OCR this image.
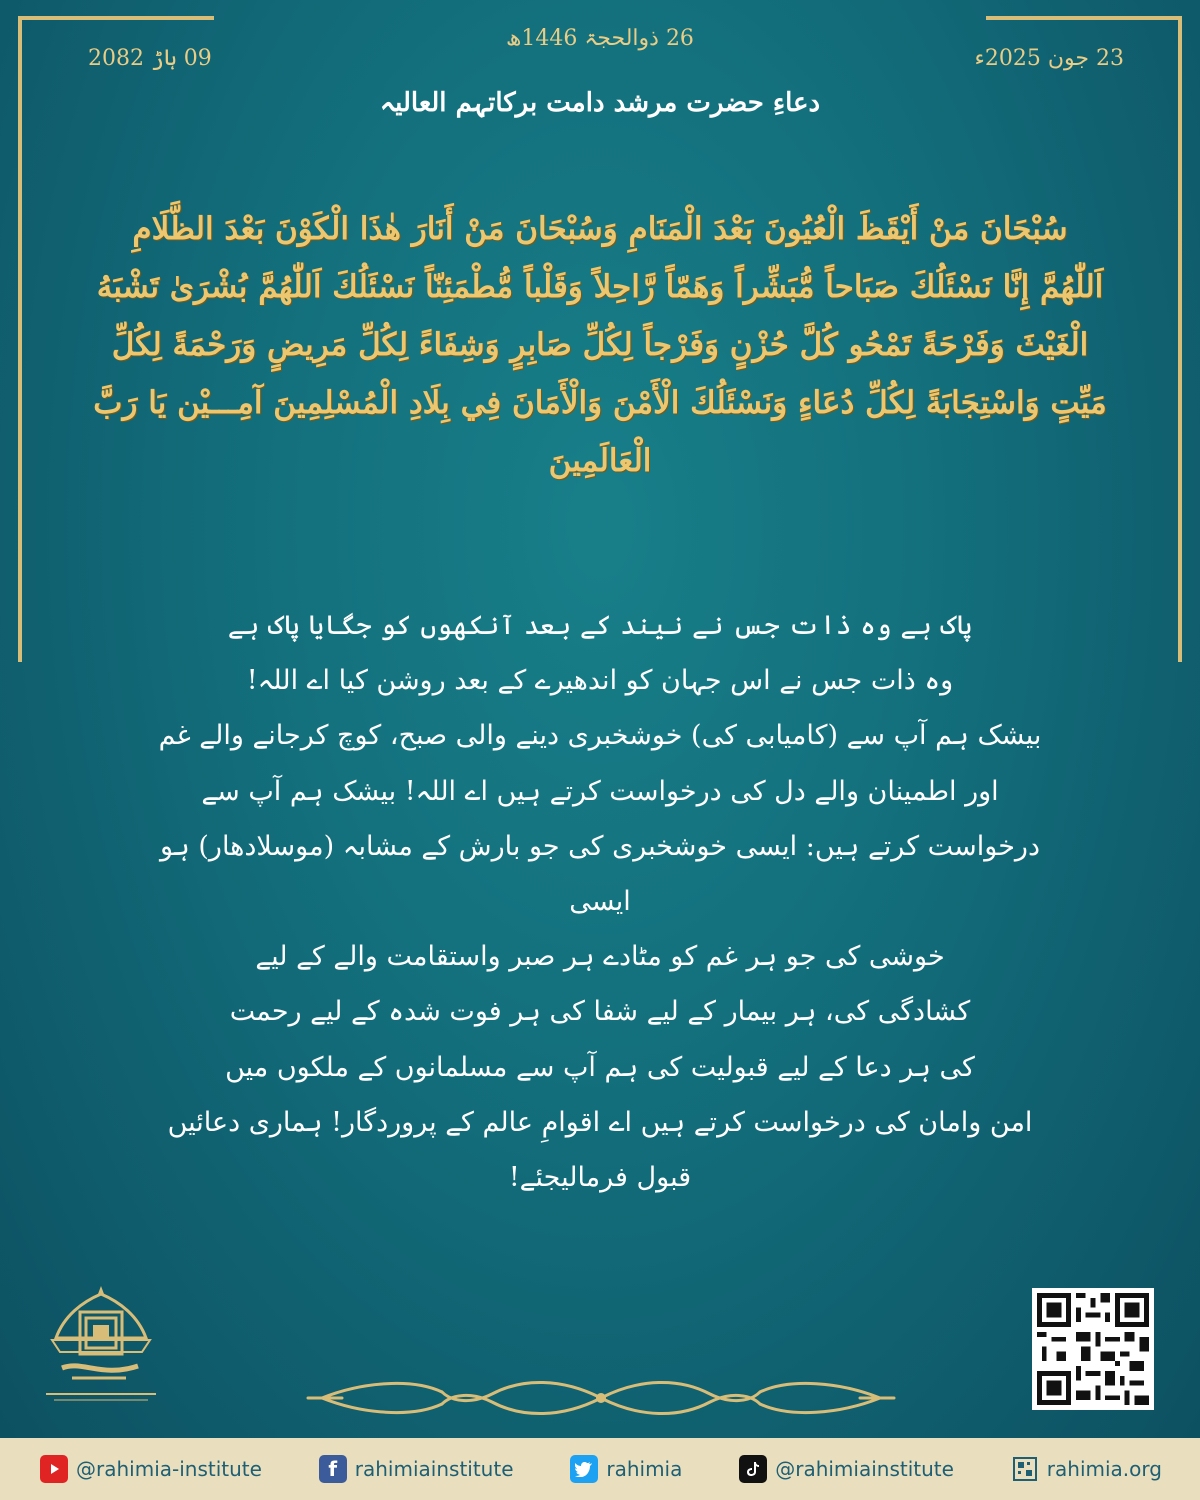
26 ذوالحجۃ 1446ھ
09 ہاڑ 2082	23 جون 2025ء
دعاءِ حضرت مرشد دامت برکاتہم العالیہ
سُبْحَانَ مَنْ أَيْقَظَ الْعُيُونَ بَعْدَ الْمَنَامِ وَسُبْحَانَ مَنْ أَنَارَ هٰذَا الْكَوْنَ بَعْدَ الظَّلَامِ
اَللّٰهُمَّ إِنَّا نَسْئَلُكَ صَبَاحاً مُّبَشِّراً وَهَمّاً رَّاحِلاً وَقَلْباً مُّطْمَئِنّاً نَسْئَلُكَ اَللّٰهُمَّ بُشْرَىٰ تَشْبَهُ
الْغَيْثَ وَفَرْحَةً تَمْحُو كُلَّ حُزْنٍ وَفَرْجاً لِكُلِّ صَابِرٍ وَشِفَاءً لِكُلِّ مَرِيضٍ وَرَحْمَةً لِكُلِّ
مَيِّتٍ وَاسْتِجَابَةً لِكُلِّ دُعَاءٍ وَنَسْئَلُكَ الْأَمْنَ وَالْأَمَانَ فِي بِلَادِ الْمُسْلِمِينَ آمِـــيْن يَا رَبَّ
الْعَالَمِينَ
پاک ہے وہ ذات جس نے نیند کے بعد آنکھوں کو جگایا پاک ہے
وہ ذات جس نے اس جہان کو اندھیرے کے بعد روشن کیا اے اللہ!
بیشک ہم آپ سے (کامیابی کی) خوشخبری دینے والی صبح، کوچ کرجانے والے غم
اور اطمینان والے دل کی درخواست کرتے ہیں اے اللہ! بیشک ہم آپ سے
درخواست کرتے ہیں: ایسی خوشخبری کی جو بارش کے مشابہ (موسلادھار) ہو ایسی
خوشی کی جو ہر غم کو مٹادے ہر صبر واستقامت والے کے لیے
کشادگی کی، ہر بیمار کے لیے شفا کی ہر فوت شدہ کے لیے رحمت
کی ہر دعا کے لیے قبولیت کی ہم آپ سے مسلمانوں کے ملکوں میں
امن وامان کی درخواست کرتے ہیں اے اقوامِ عالم کے پروردگار! ہماری دعائیں
قبول فرمالیجئے!
@rahimia-institute	f rahimiainstitute	rahimia	@rahimiainstitute	rahimia.org
